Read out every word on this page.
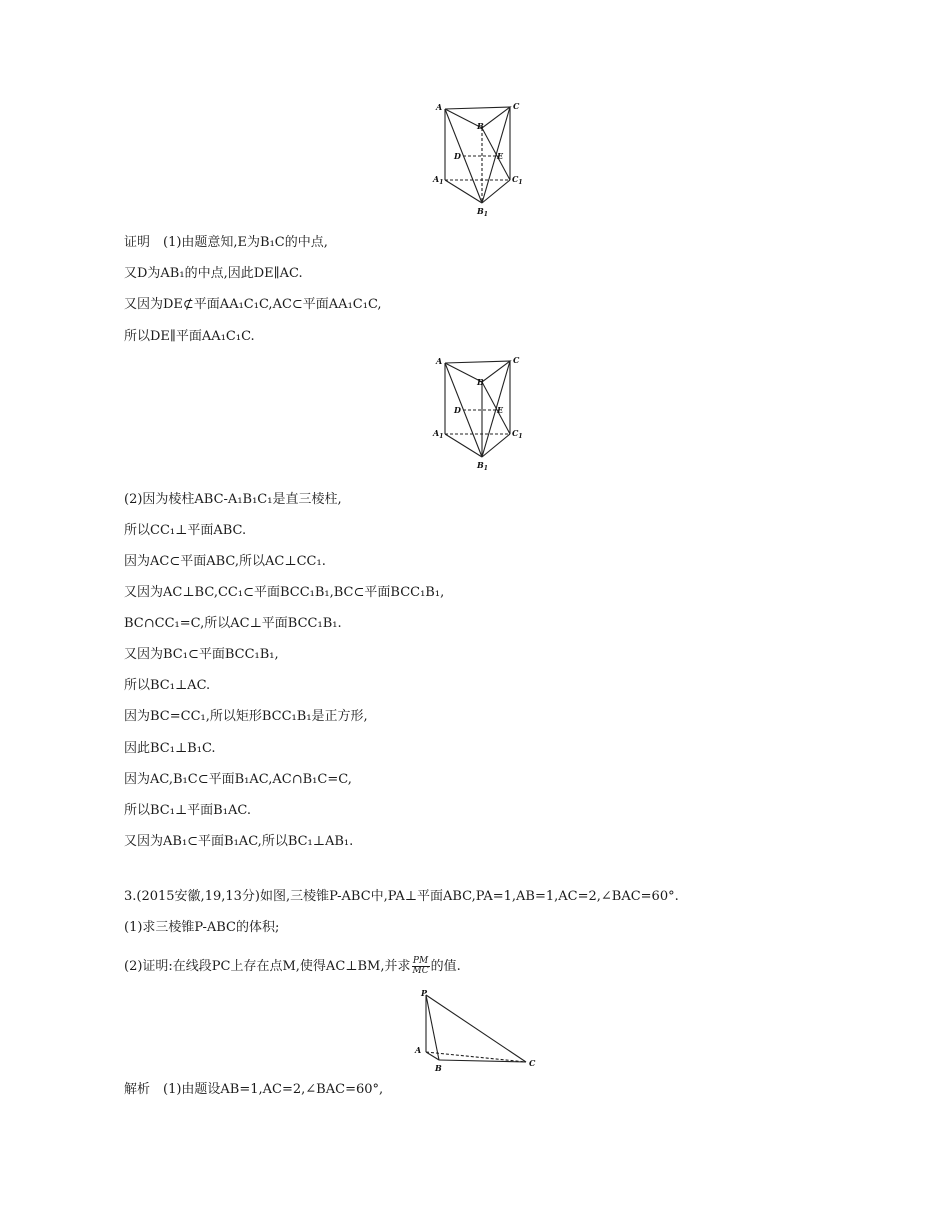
A	C
B
D	E
$A_1$	$C_1$
$B_1$
证明　(1)由题意知,E为B₁C的中点,
又D为AB₁的中点,因此DE∥AC.
又因为DE⊄平面AA₁C₁C,AC⊂平面AA₁C₁C,
所以DE∥平面AA₁C₁C.
A	C
B
D	E
$A_1$	$C_1$
$B_1$
(2)因为棱柱ABC-A₁B₁C₁是直三棱柱,
所以CC₁⊥平面ABC.
因为AC⊂平面ABC,所以AC⊥CC₁.
又因为AC⊥BC,CC₁⊂平面BCC₁B₁,BC⊂平面BCC₁B₁,
BC∩CC₁=C,所以AC⊥平面BCC₁B₁.
又因为BC₁⊂平面BCC₁B₁,
所以BC₁⊥AC.
因为BC=CC₁,所以矩形BCC₁B₁是正方形,
因此BC₁⊥B₁C.
因为AC,B₁C⊂平面B₁AC,AC∩B₁C=C,
所以BC₁⊥平面B₁AC.
又因为AB₁⊂平面B₁AC,所以BC₁⊥AB₁.
3.(2015安徽,19,13分)如图,三棱锥P-ABC中,PA⊥平面ABC,PA=1,AB=1,AC=2,∠BAC=60°.
(1)求三棱锥P-ABC的体积;
(2)证明:在线段PC上存在点M,使得AC⊥BM,并求 $\frac{PM}{MC}$ 的值.
P
A
B	C
解析　(1)由题设AB=1,AC=2,∠BAC=60°,
